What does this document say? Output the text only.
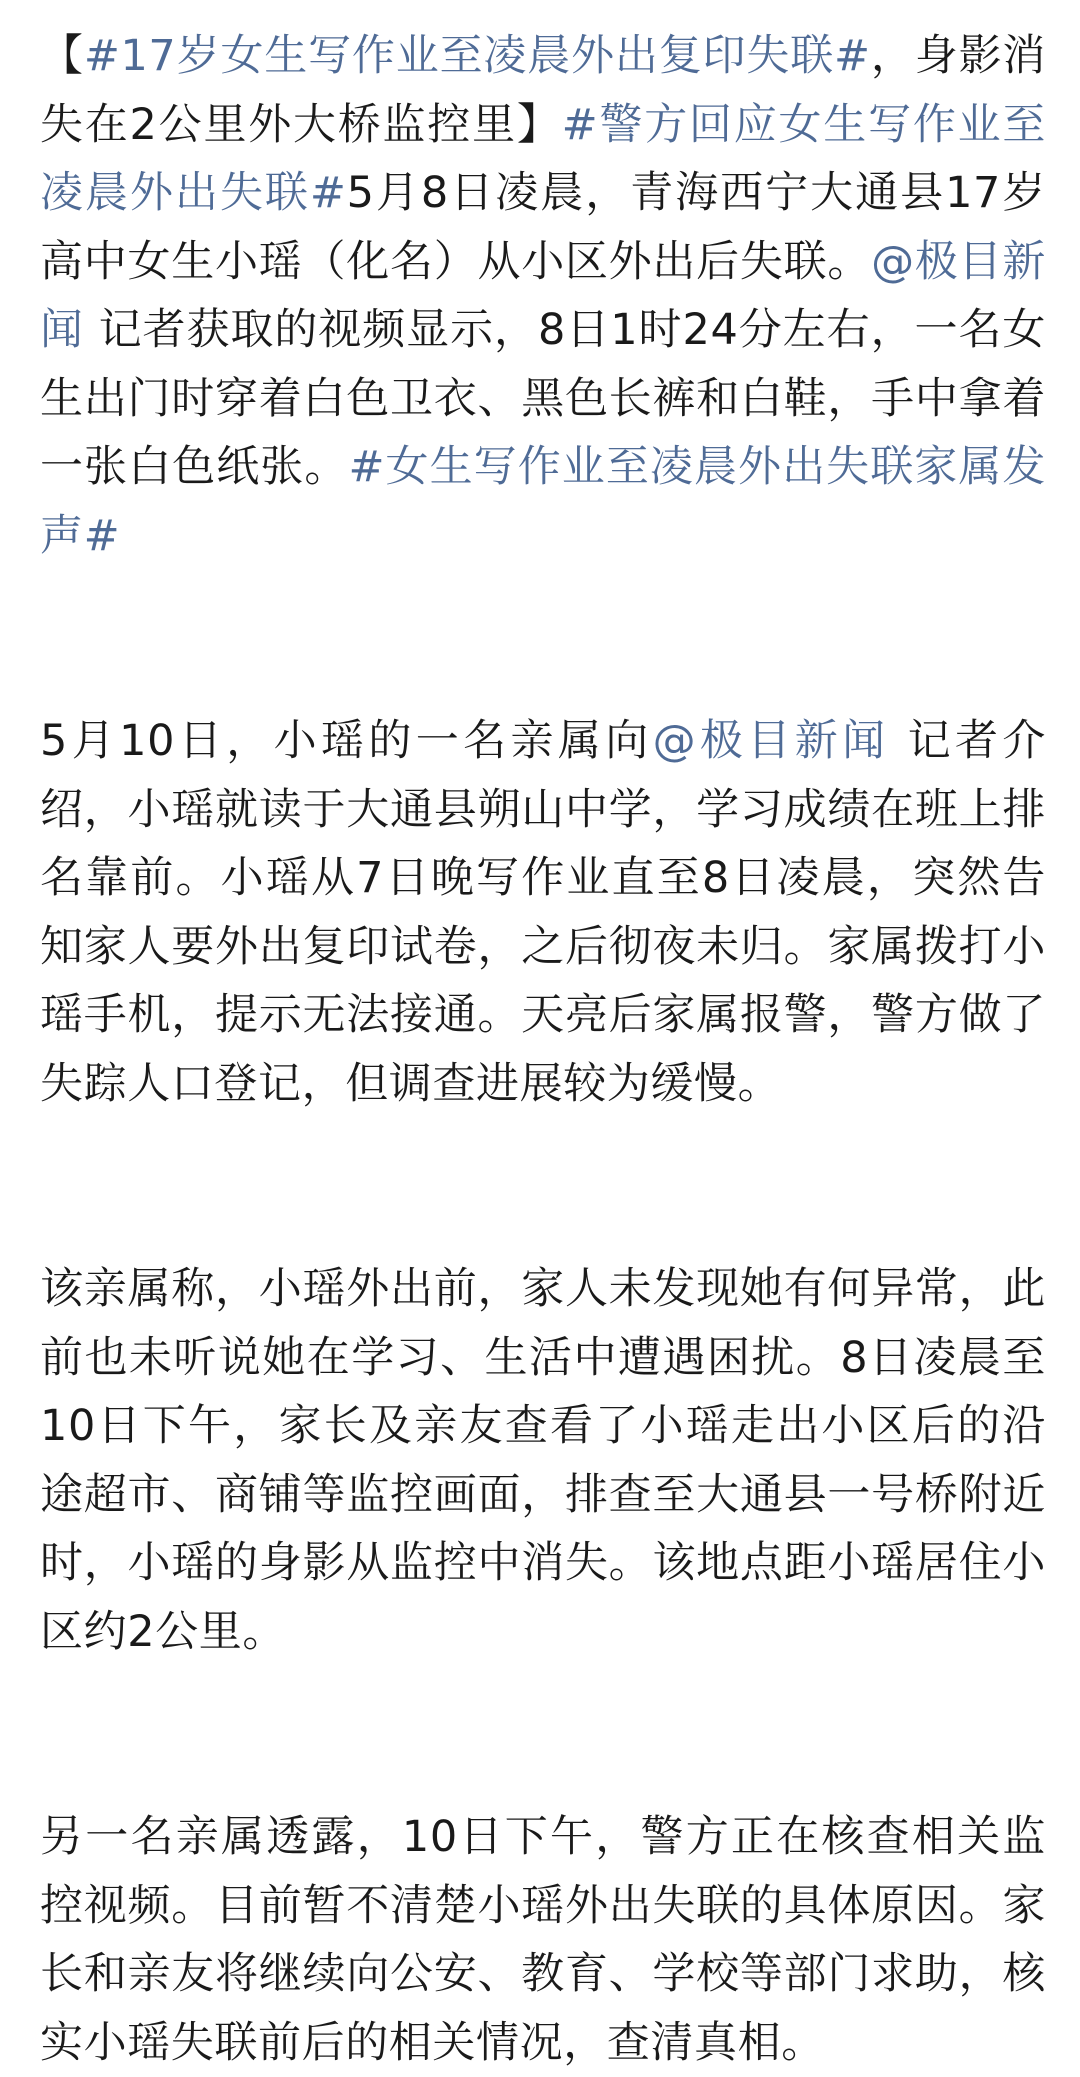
【#17岁女生写作业至凌晨外出复印失联#，身影消失在2公里外大桥监控里】#警方回应女生写作业至凌晨外出失联#5月8日凌晨，青海西宁大通县17岁高中女生小瑶（化名）从小区外出后失联。@极目新闻 记者获取的视频显示，8日1时24分左右，一名女生出门时穿着白色卫衣、黑色长裤和白鞋，手中拿着一张白色纸张。#女生写作业至凌晨外出失联家属发声#

5月10日，小瑶的一名亲属向@极目新闻 记者介绍，小瑶就读于大通县朔山中学，学习成绩在班上排名靠前。小瑶从7日晚写作业直至8日凌晨，突然告知家人要外出复印试卷，之后彻夜未归。家属拨打小瑶手机，提示无法接通。天亮后家属报警，警方做了失踪人口登记，但调查进展较为缓慢。

该亲属称，小瑶外出前，家人未发现她有何异常，此前也未听说她在学习、生活中遭遇困扰。8日凌晨至10日下午，家长及亲友查看了小瑶走出小区后的沿途超市、商铺等监控画面，排查至大通县一号桥附近时，小瑶的身影从监控中消失。该地点距小瑶居住小区约2公里。

另一名亲属透露，10日下午，警方正在核查相关监控视频。目前暂不清楚小瑶外出失联的具体原因。家长和亲友将继续向公安、教育、学校等部门求助，核实小瑶失联前后的相关情况，查清真相。
